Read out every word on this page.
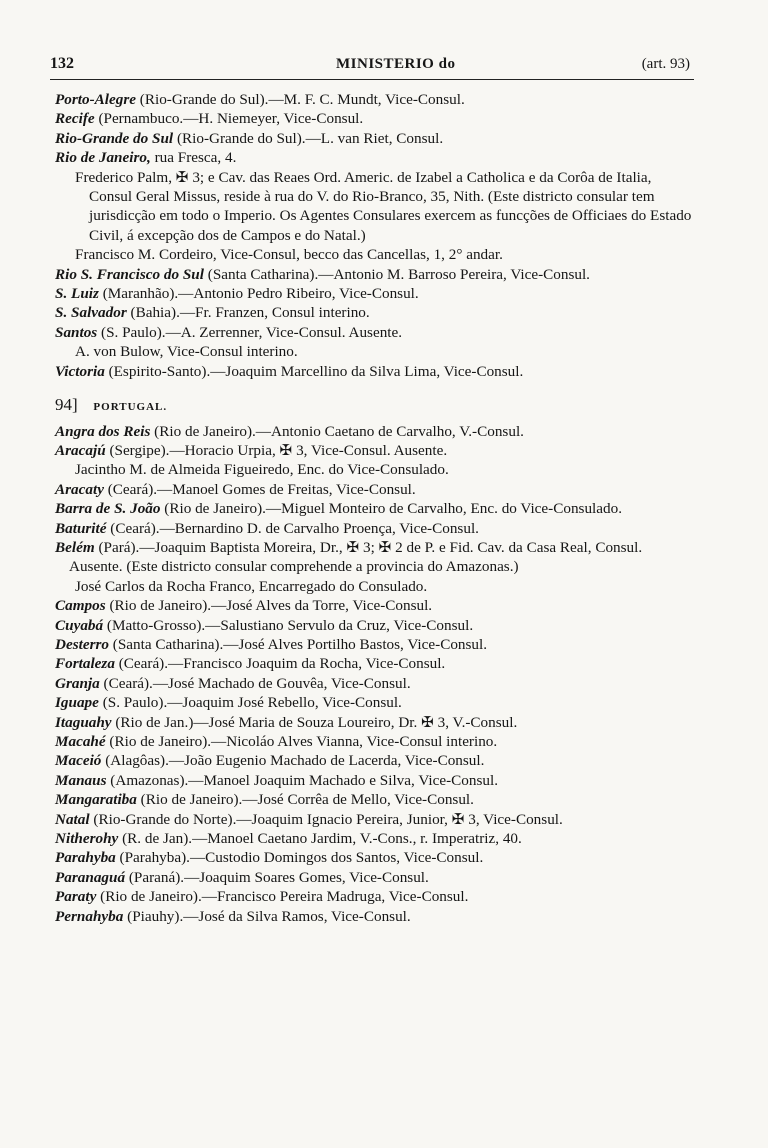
132	MINISTERIO do	(art. 93)
Porto-Alegre (Rio-Grande do Sul).—M. F. C. Mundt, Vice-Consul.
Recife (Pernambuco.—H. Niemeyer, Vice-Consul.
Rio-Grande do Sul (Rio-Grande do Sul).—L. van Riet, Consul.
Rio de Janeiro, rua Fresca, 4.
Frederico Palm, ✠ 3; e Cav. das Reaes Ord. Americ. de Izabel a Catholica e da Corôa de Italia, Consul Geral Missus, reside à rua do V. do Rio-Branco, 35, Nith. (Este districto consular tem jurisdicção em todo o Imperio. Os Agentes Consulares exercem as funcções de Officiaes do Estado Civil, á excepção dos de Campos e do Natal.)
Francisco M. Cordeiro, Vice-Consul, becco das Cancellas, 1, 2° andar.
Rio S. Francisco do Sul (Santa Catharina).—Antonio M. Barroso Pereira, Vice-Consul.
S. Luiz (Maranhão).—Antonio Pedro Ribeiro, Vice-Consul.
S. Salvador (Bahia).—Fr. Franzen, Consul interino.
Santos (S. Paulo).—A. Zerrenner, Vice-Consul. Ausente.
A. von Bulow, Vice-Consul interino.
Victoria (Espirito-Santo).—Joaquim Marcellino da Silva Lima, Vice-Consul.
94] PORTUGAL.
Angra dos Reis (Rio de Janeiro).—Antonio Caetano de Carvalho, V.-Consul.
Aracajú (Sergipe).—Horacio Urpia, ✠ 3, Vice-Consul. Ausente.
Jacintho M. de Almeida Figueiredo, Enc. do Vice-Consulado.
Aracaty (Ceará).—Manoel Gomes de Freitas, Vice-Consul.
Barra de S. João (Rio de Janeiro).—Miguel Monteiro de Carvalho, Enc. do Vice-Consulado.
Baturité (Ceará).—Bernardino D. de Carvalho Proença, Vice-Consul.
Belém (Pará).—Joaquim Baptista Moreira, Dr., ✠ 3; ✠ 2 de P. e Fid. Cav. da Casa Real, Consul. Ausente. (Este districto consular comprehende a provincia do Amazonas.)
José Carlos da Rocha Franco, Encarregado do Consulado.
Campos (Rio de Janeiro).—José Alves da Torre, Vice-Consul.
Cuyabá (Matto-Grosso).—Salustiano Servulo da Cruz, Vice-Consul.
Desterro (Santa Catharina).—José Alves Portilho Bastos, Vice-Consul.
Fortaleza (Ceará).—Francisco Joaquim da Rocha, Vice-Consul.
Granja (Ceará).—José Machado de Gouvêa, Vice-Consul.
Iguape (S. Paulo).—Joaquim José Rebello, Vice-Consul.
Itaguahy (Rio de Jan.)—José Maria de Souza Loureiro, Dr. ✠ 3, V.-Consul.
Macahé (Rio de Janeiro).—Nicoláo Alves Vianna, Vice-Consul interino.
Maceió (Alagôas).—João Eugenio Machado de Lacerda, Vice-Consul.
Manaus (Amazonas).—Manoel Joaquim Machado e Silva, Vice-Consul.
Mangaratiba (Rio de Janeiro).—José Corrêa de Mello, Vice-Consul.
Natal (Rio-Grande do Norte).—Joaquim Ignacio Pereira, Junior, ✠ 3, Vice-Consul.
Nitherohy (R. de Jan).—Manoel Caetano Jardim, V.-Cons., r. Imperatriz, 40.
Parahyba (Parahyba).—Custodio Domingos dos Santos, Vice-Consul.
Paranaguá (Paraná).—Joaquim Soares Gomes, Vice-Consul.
Paraty (Rio de Janeiro).—Francisco Pereira Madruga, Vice-Consul.
Pernahyba (Piauhy).—José da Silva Ramos, Vice-Consul.
